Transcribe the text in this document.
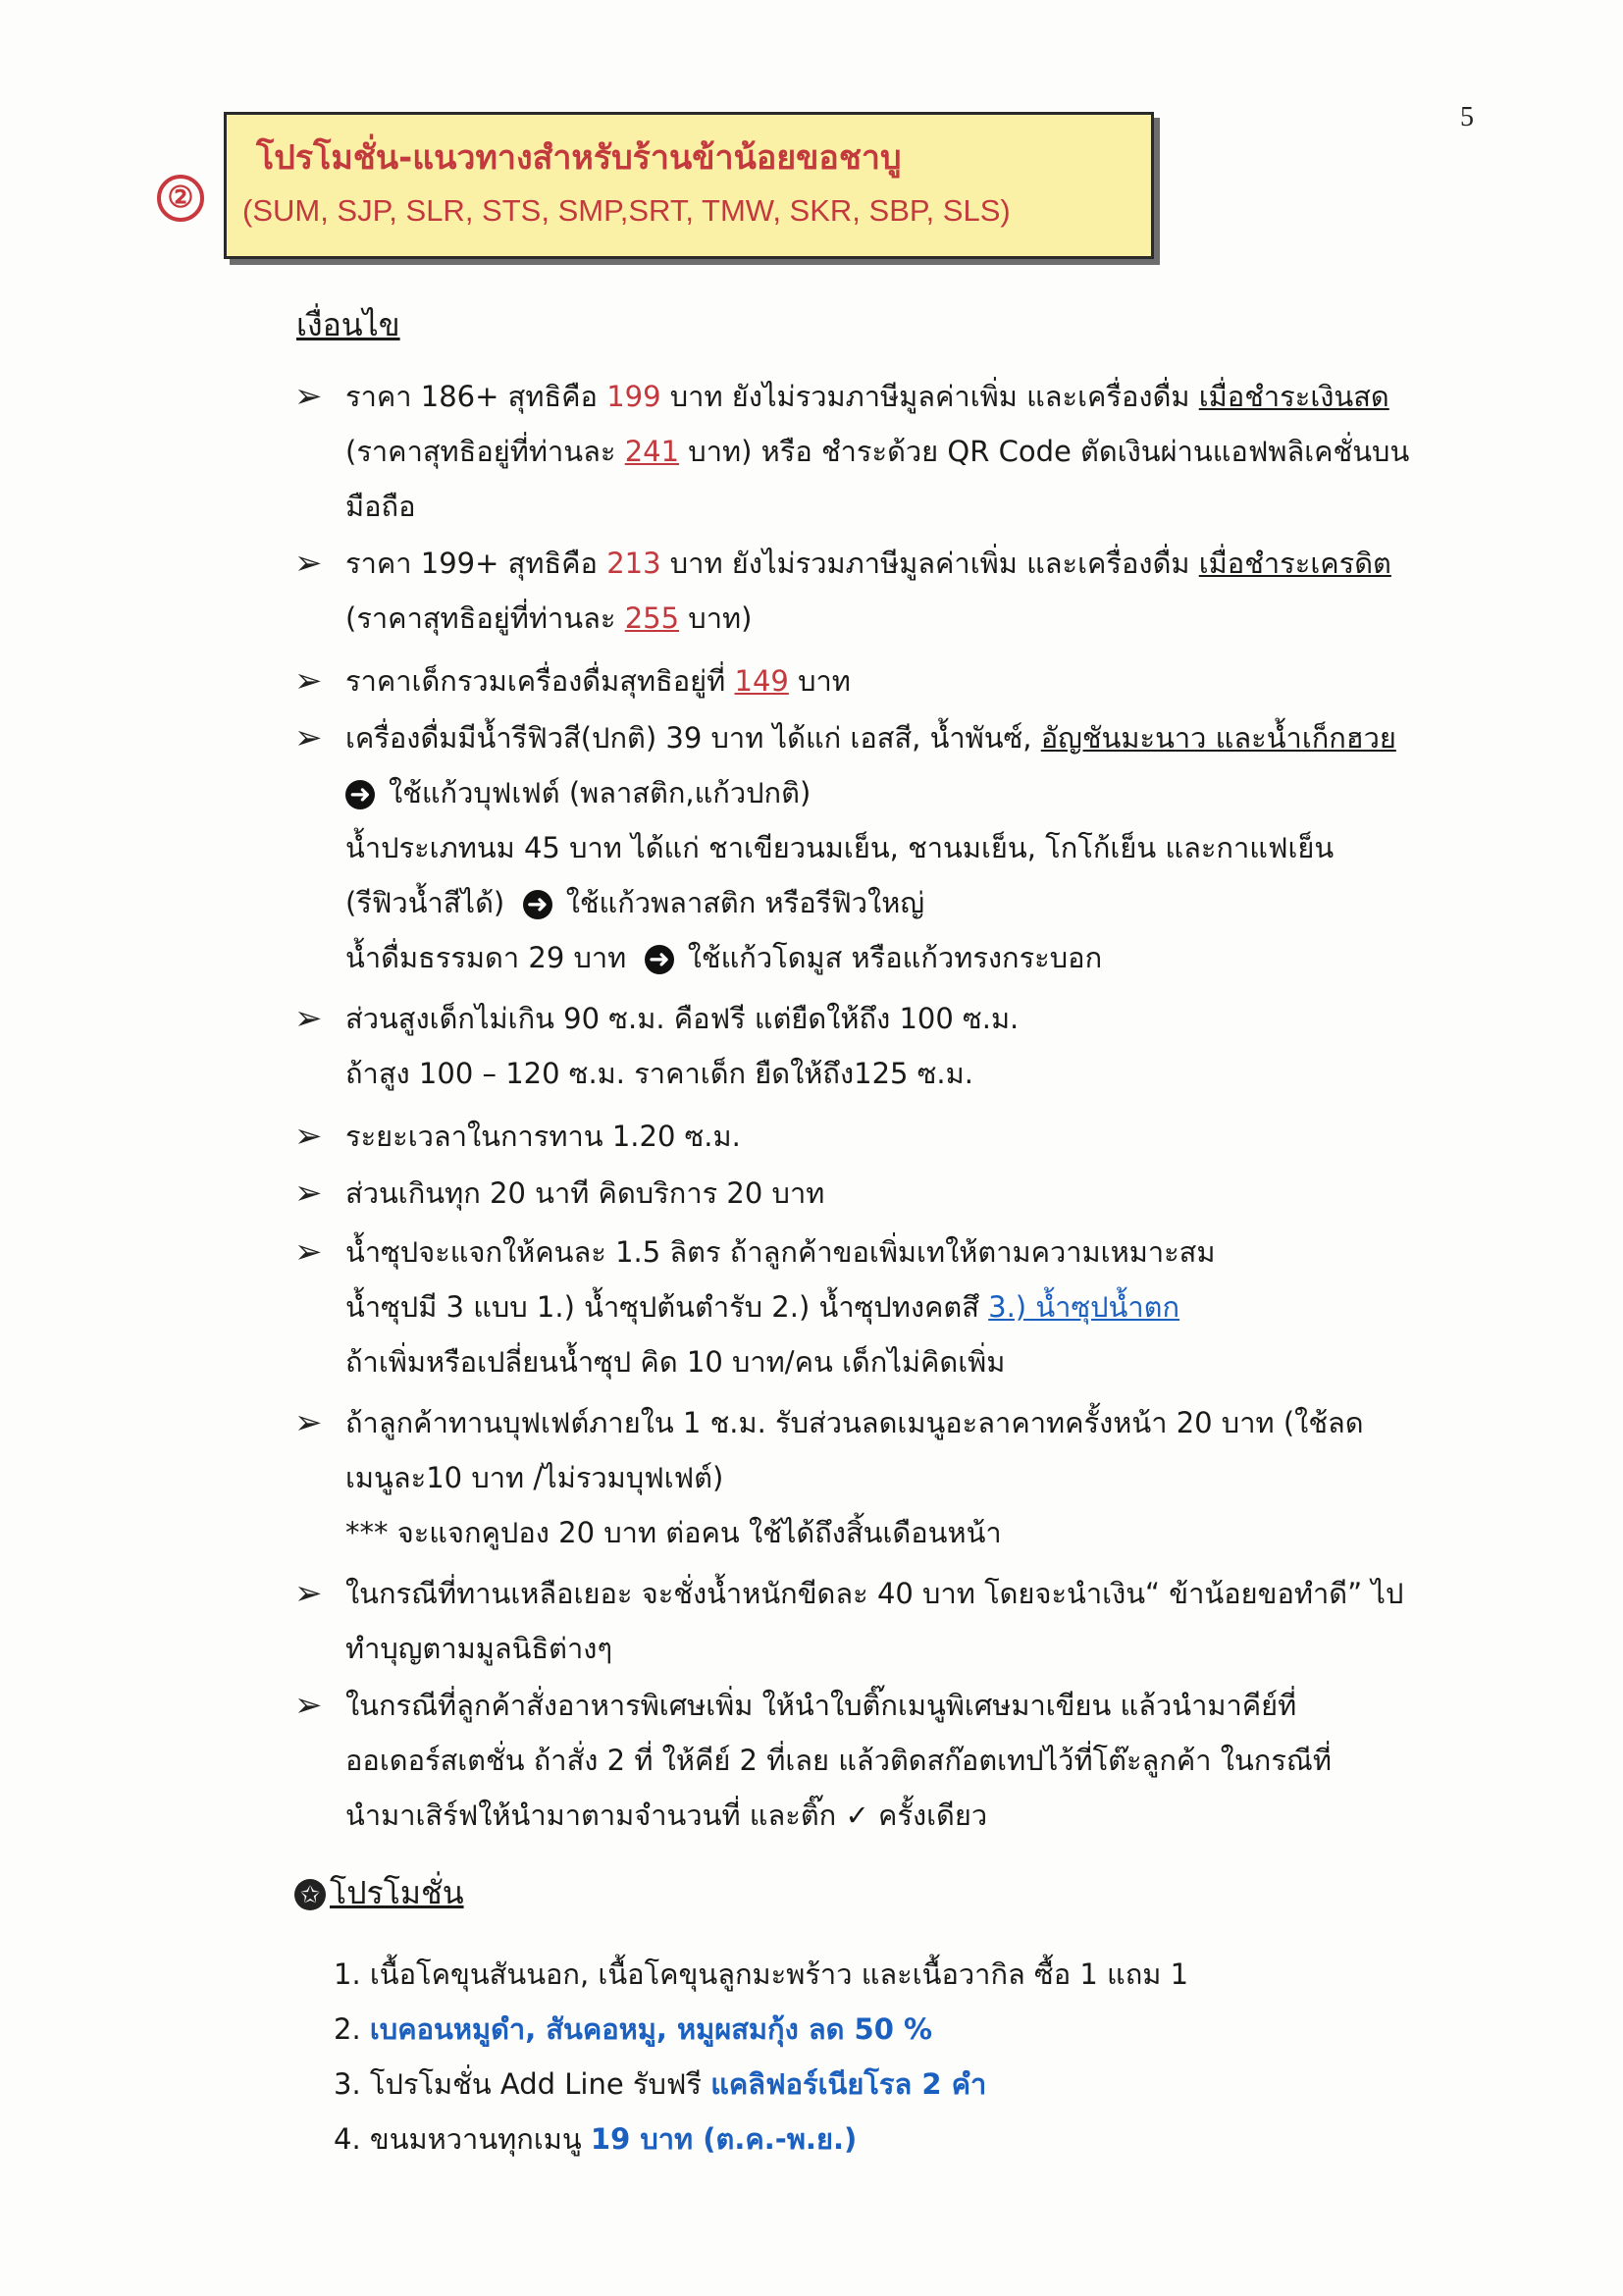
5
②
โปรโมชั่น-แนวทางสำหรับร้านข้าน้อยขอชาบู
(SUM, SJP, SLR, STS, SMP,SRT, TMW, SKR, SBP, SLS)
เงื่อนไข
➢ ราคา 186+ สุทธิคือ 199 บาท ยังไม่รวมภาษีมูลค่าเพิ่ม และเครื่องดื่ม เมื่อชำระเงินสด
(ราคาสุทธิอยู่ที่ท่านละ 241 บาท) หรือ ชำระด้วย QR Code ตัดเงินผ่านแอฟพลิเคชั่นบน
มือถือ
➢ ราคา 199+ สุทธิคือ 213 บาท ยังไม่รวมภาษีมูลค่าเพิ่ม และเครื่องดื่ม เมื่อชำระเครดิต
(ราคาสุทธิอยู่ที่ท่านละ 255 บาท)
➢ ราคาเด็กรวมเครื่องดื่มสุทธิอยู่ที่ 149 บาท
➢ เครื่องดื่มมีน้ำรีฟิวสี(ปกติ) 39 บาท ได้แก่ เอสสี, น้ำพันซ์, อัญชันมะนาว และน้ำเก็กฮวย
➜ ใช้แก้วบุฟเฟต์ (พลาสติก,แก้วปกติ)
น้ำประเภทนม 45 บาท ได้แก่ ชาเขียวนมเย็น, ชานมเย็น, โกโก้เย็น และกาแฟเย็น
(รีฟิวน้ำสีได้) ➜ ใช้แก้วพลาสติก หรือรีฟิวใหญ่
น้ำดื่มธรรมดา 29 บาท ➜ ใช้แก้วโดมูส หรือแก้วทรงกระบอก
➢ ส่วนสูงเด็กไม่เกิน 90 ซ.ม. คือฟรี แต่ยืดให้ถึง 100 ซ.ม.
ถ้าสูง 100 – 120 ซ.ม. ราคาเด็ก ยืดให้ถึง125 ซ.ม.
➢ ระยะเวลาในการทาน 1.20 ซ.ม.
➢ ส่วนเกินทุก 20 นาที คิดบริการ 20 บาท
➢ น้ำซุปจะแจกให้คนละ 1.5 ลิตร ถ้าลูกค้าขอเพิ่มเทให้ตามความเหมาะสม
น้ำซุปมี 3 แบบ 1.) น้ำซุปต้นตำรับ 2.) น้ำซุปทงคตสึ 3.) น้ำซุปน้ำตก
ถ้าเพิ่มหรือเปลี่ยนน้ำซุป คิด 10 บาท/คน เด็กไม่คิดเพิ่ม
➢ ถ้าลูกค้าทานบุฟเฟต์ภายใน 1 ช.ม. รับส่วนลดเมนูอะลาคาทครั้งหน้า 20 บาท (ใช้ลด
เมนูละ10 บาท /ไม่รวมบุฟเฟต์)
*** จะแจกคูปอง 20 บาท ต่อคน ใช้ได้ถึงสิ้นเดือนหน้า
➢ ในกรณีที่ทานเหลือเยอะ จะชั่งน้ำหนักขีดละ 40 บาท โดยจะนำเงิน“ ข้าน้อยขอทำดี” ไป
ทำบุญตามมูลนิธิต่างๆ
➢ ในกรณีที่ลูกค้าสั่งอาหารพิเศษเพิ่ม ให้นำใบติ๊กเมนูพิเศษมาเขียน แล้วนำมาคีย์ที่
ออเดอร์สเตชั่น ถ้าสั่ง 2 ที่ ให้คีย์ 2 ที่เลย แล้วติดสก๊อตเทปไว้ที่โต๊ะลูกค้า ในกรณีที่
นำมาเสิร์ฟให้นำมาตามจำนวนที่ และติ๊ก ✓ ครั้งเดียว
✩ โปรโมชั่น
1. เนื้อโคขุนสันนอก, เนื้อโคขุนลูกมะพร้าว และเนื้อวากิล ซื้อ 1 แถม 1
2. เบคอนหมูดำ, สันคอหมู, หมูผสมกุ้ง ลด 50 %
3. โปรโมชั่น Add Line รับฟรี แคลิฟอร์เนียโรล 2 คำ
4. ขนมหวานทุกเมนู 19 บาท (ต.ค.-พ.ย.)
